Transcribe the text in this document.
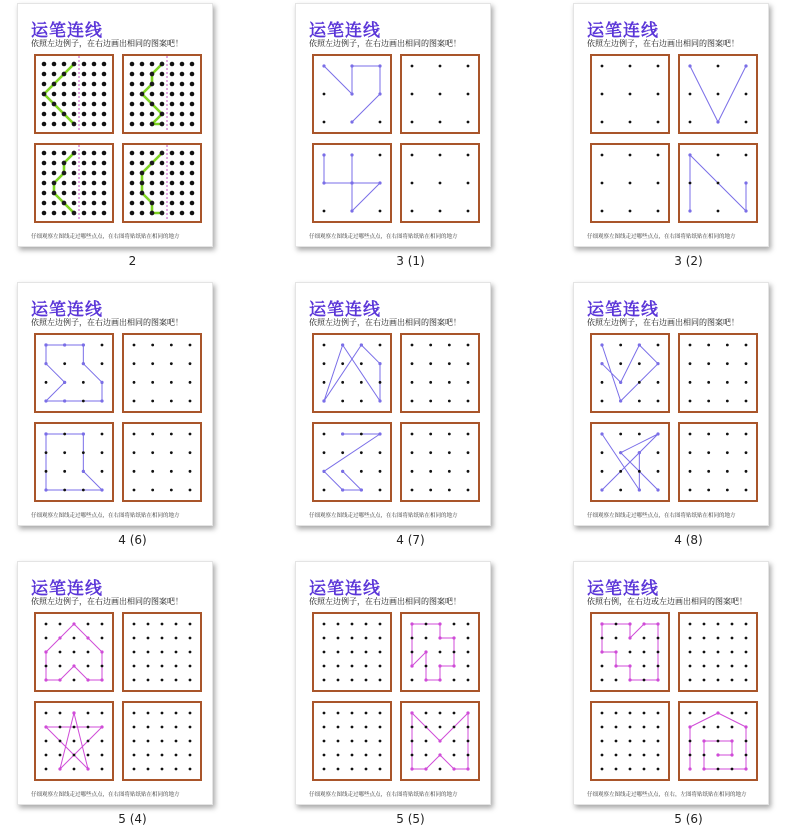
运笔连线
依照左边例子，在右边画出相同的图案吧！
仔细观察左图线走过哪些点点，在右图将贴纸贴在相同的地方
2
运笔连线
依照左边例子，在右边画出相同的图案吧！
仔细观察左图线走过哪些点点，在右图将贴纸贴在相同的地方
3 (1)
运笔连线
依照左边例子，在右边画出相同的图案吧！
仔细观察左图线走过哪些点点，在右图将贴纸贴在相同的地方
3 (2)
运笔连线
依照左边例子，在右边画出相同的图案吧！
仔细观察左图线走过哪些点点，在右图将贴纸贴在相同的地方
4 (6)
运笔连线
依照左边例子，在右边画出相同的图案吧！
仔细观察左图线走过哪些点点，在右图将贴纸贴在相同的地方
4 (7)
运笔连线
依照左边例子，在右边画出相同的图案吧！
仔细观察左图线走过哪些点点，在右图将贴纸贴在相同的地方
4 (8)
运笔连线
依照左边例子，在右边画出相同的图案吧！
仔细观察左图线走过哪些点点，在右图将贴纸贴在相同的地方
5 (4)
运笔连线
依照左边例子，在右边画出相同的图案吧！
仔细观察左图线走过哪些点点，在右图将贴纸贴在相同的地方
5 (5)
运笔连线
依照右例，在右边或左边画出相同的图案吧！
仔细观察左图线走过哪些点点，在右，左图将贴纸贴在相同的地方
5 (6)
